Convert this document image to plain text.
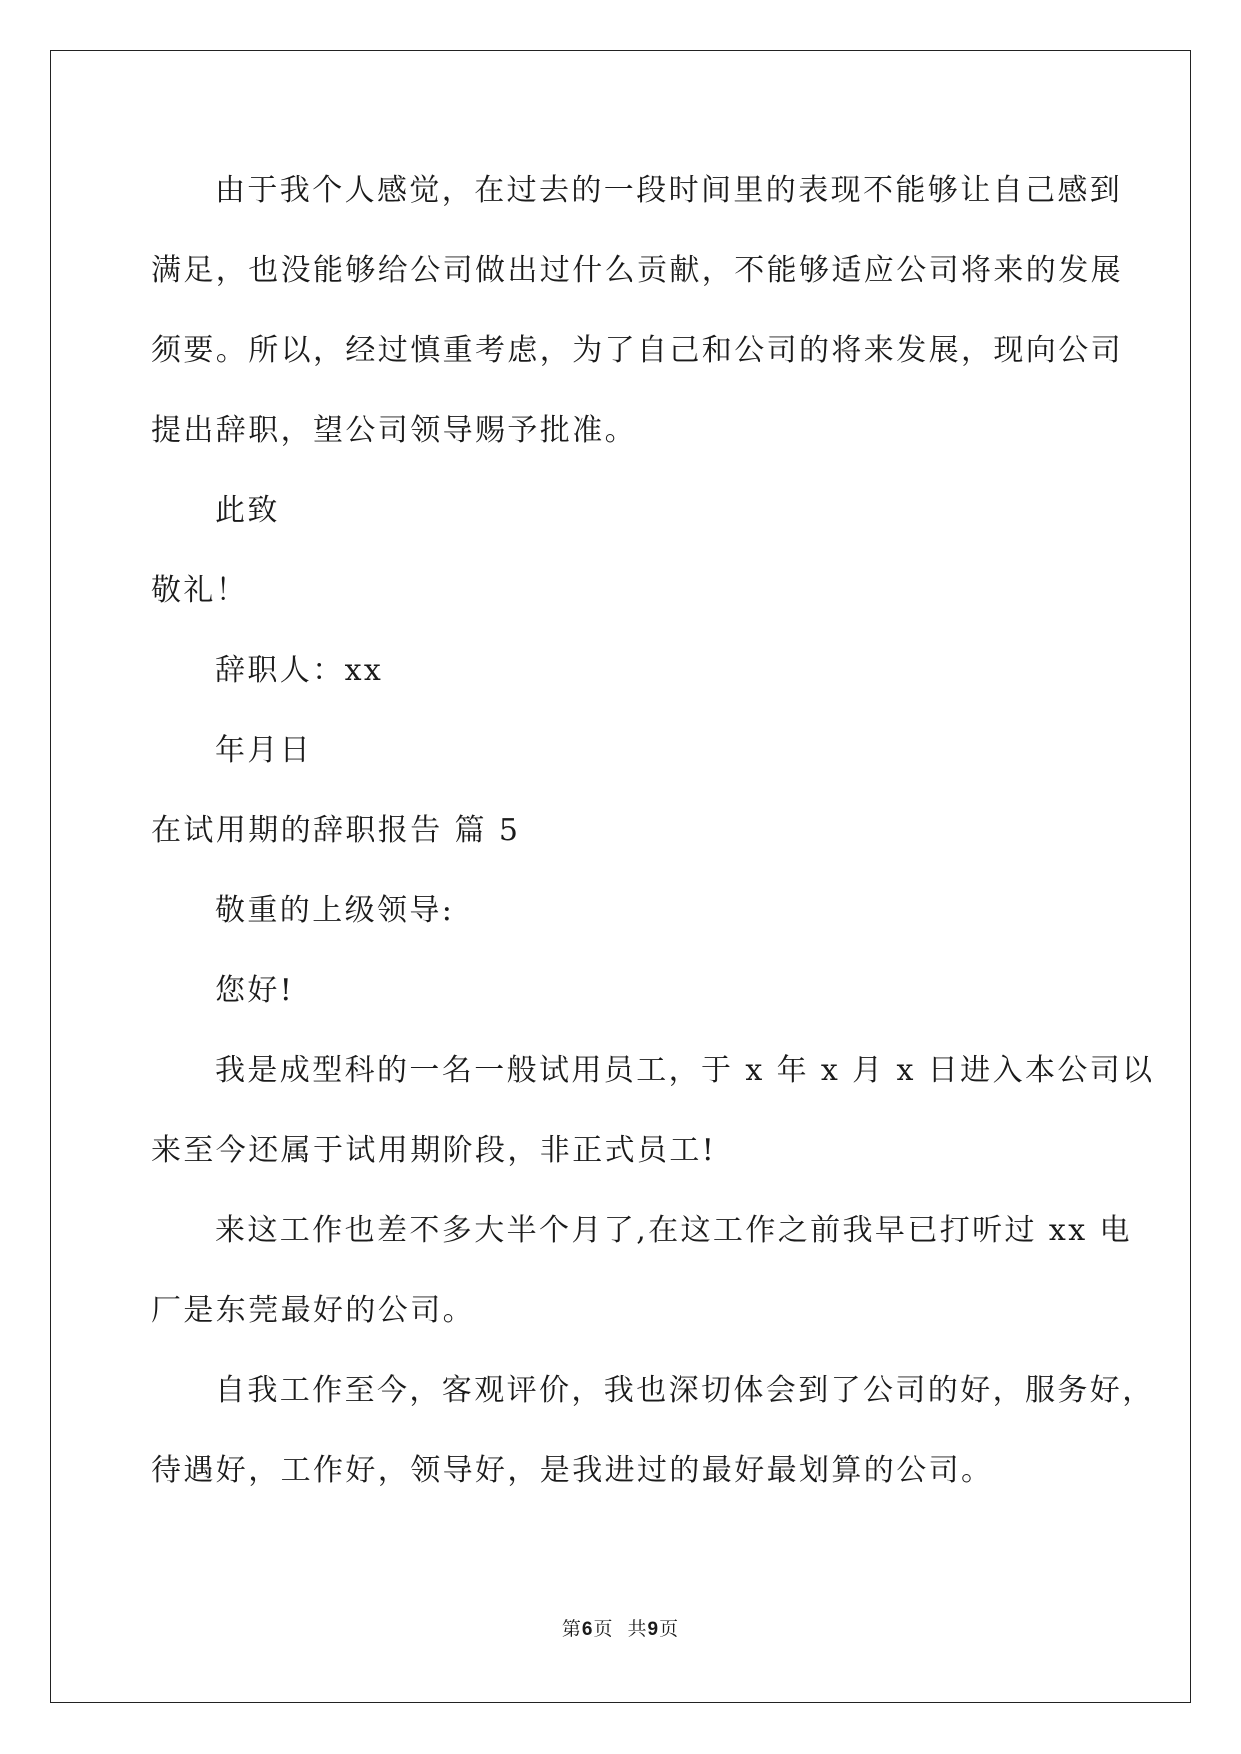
由于我个人感觉，在过去的一段时间里的表现不能够让自己感到
满足，也没能够给公司做出过什么贡献，不能够适应公司将来的发展
须要。所以，经过慎重考虑，为了自己和公司的将来发展，现向公司
提出辞职，望公司领导赐予批准。
此致
敬礼！
辞职人：xx
年月日
在试用期的辞职报告 篇 5
敬重的上级领导:
您好!
我是成型科的一名一般试用员工，于 x 年 x 月 x 日进入本公司以
来至今还属于试用期阶段，非正式员工!
来这工作也差不多大半个月了,在这工作之前我早已打听过 xx 电
厂是东莞最好的公司。
自我工作至今，客观评价，我也深切体会到了公司的好，服务好，
待遇好，工作好，领导好，是我进过的最好最划算的公司。
第6页 共9页
